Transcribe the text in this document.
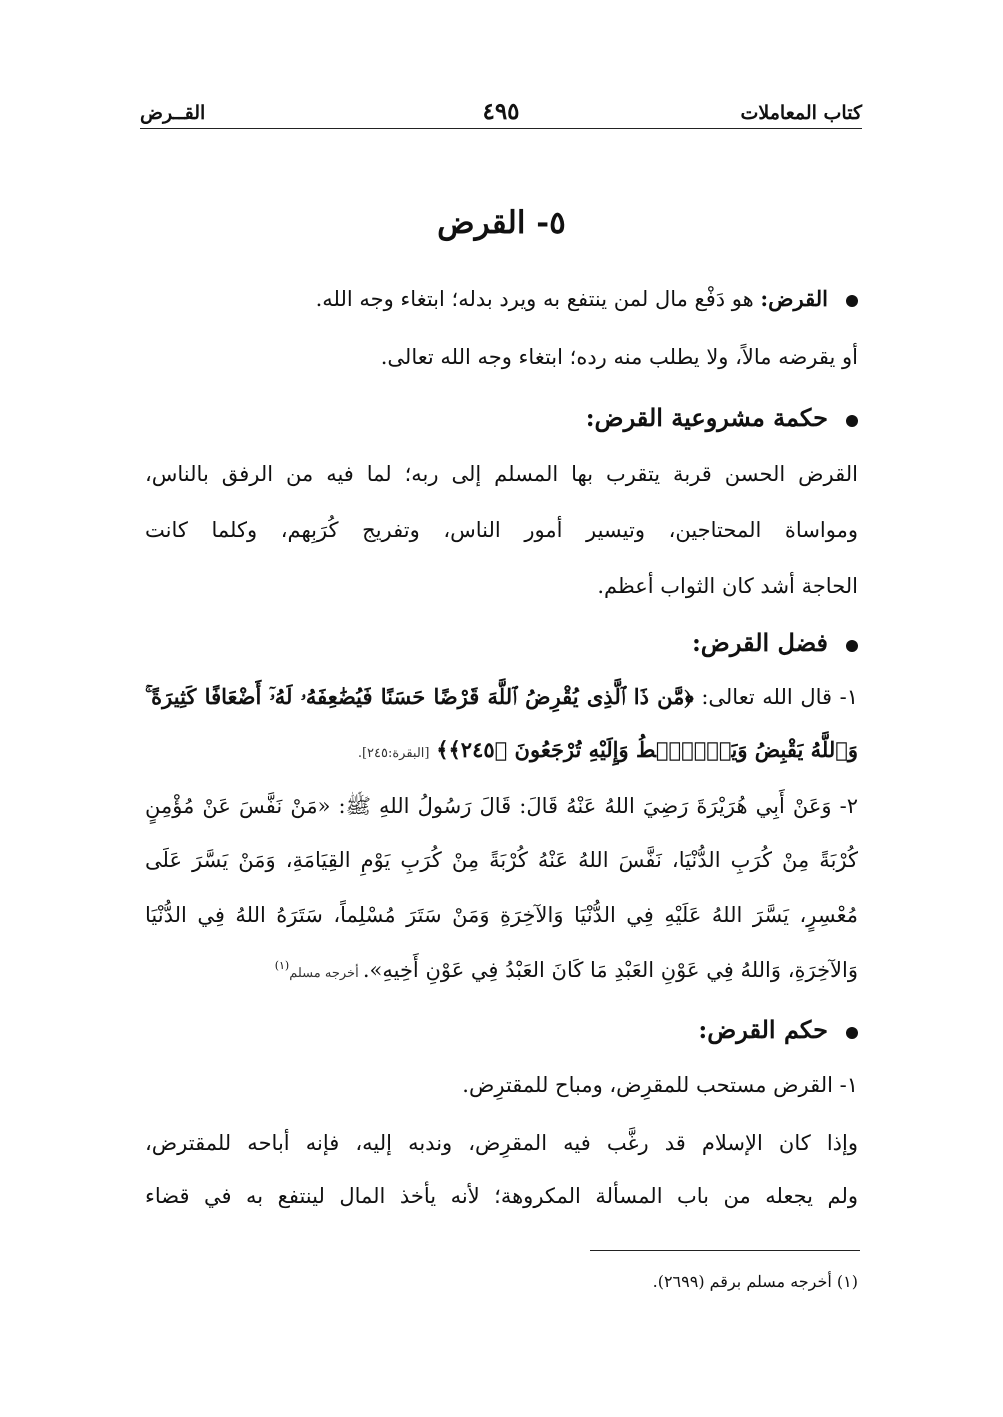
كتاب المعاملات
٤٩٥
القــرض
٥- القرض
القرض: هو دَفْع مال لمن ينتفع به ويرد بدله؛ ابتغاء وجه الله.
أو يقرضه مالاً، ولا يطلب منه رده؛ ابتغاء وجه الله تعالى.
حكمة مشروعية القرض:
القرض الحسن قربة يتقرب بها المسلم إلى ربه؛ لما فيه من الرفق بالناس،
ومواساة المحتاجين، وتيسير أمور الناس، وتفريج كُرَبِهم، وكلما كانت
الحاجة أشد كان الثواب أعظم.
فضل القرض:
١- قال الله تعالى: ﴿مَّن ذَا ٱلَّذِى يُقْرِضُ ٱللَّهَ قَرْضًا حَسَنًا فَيُضَٰعِفَهُۥ لَهُۥٓ أَضْعَافًا كَثِيرَةً ۚ
وَٱللَّهُ يَقْبِضُ وَيَبْۜصُۜطُ وَإِلَيْهِ تُرْجَعُونَ ﴿٢٤٥﴾﴾ [البقرة:٢٤٥].
٢- وَعَنْ أَبِي هُرَيْرَةَ رَضِيَ اللهُ عَنْهُ قَالَ: قَالَ رَسُولُ اللهِ ﷺ: «مَنْ نَفَّسَ عَنْ مُؤْمِنٍ
كُرْبَةً مِنْ كُرَبِ الدُّنْيَا، نَفَّسَ اللهُ عَنْهُ كُرْبَةً مِنْ كُرَبِ يَوْمِ القِيَامَةِ، وَمَنْ يَسَّرَ عَلَى
مُعْسِرٍ، يَسَّرَ اللهُ عَلَيْهِ فِي الدُّنْيَا وَالآخِرَةِ وَمَنْ سَتَرَ مُسْلِماً، سَتَرَهُ اللهُ فِي الدُّنْيَا
وَالآخِرَةِ، وَاللهُ فِي عَوْنِ العَبْدِ مَا كَانَ العَبْدُ فِي عَوْنِ أَخِيهِ». أخرجه مسلم$^{(١)}$
حكم القرض:
١- القرض مستحب للمقرِض، ومباح للمقترِض.
وإذا كان الإسلام قد رغَّب فيه المقرِض، وندبه إليه، فإنه أباحه للمقترض،
ولم يجعله من باب المسألة المكروهة؛ لأنه يأخذ المال لينتفع به في قضاء
(١) أخرجه مسلم برقم (٢٦٩٩).
